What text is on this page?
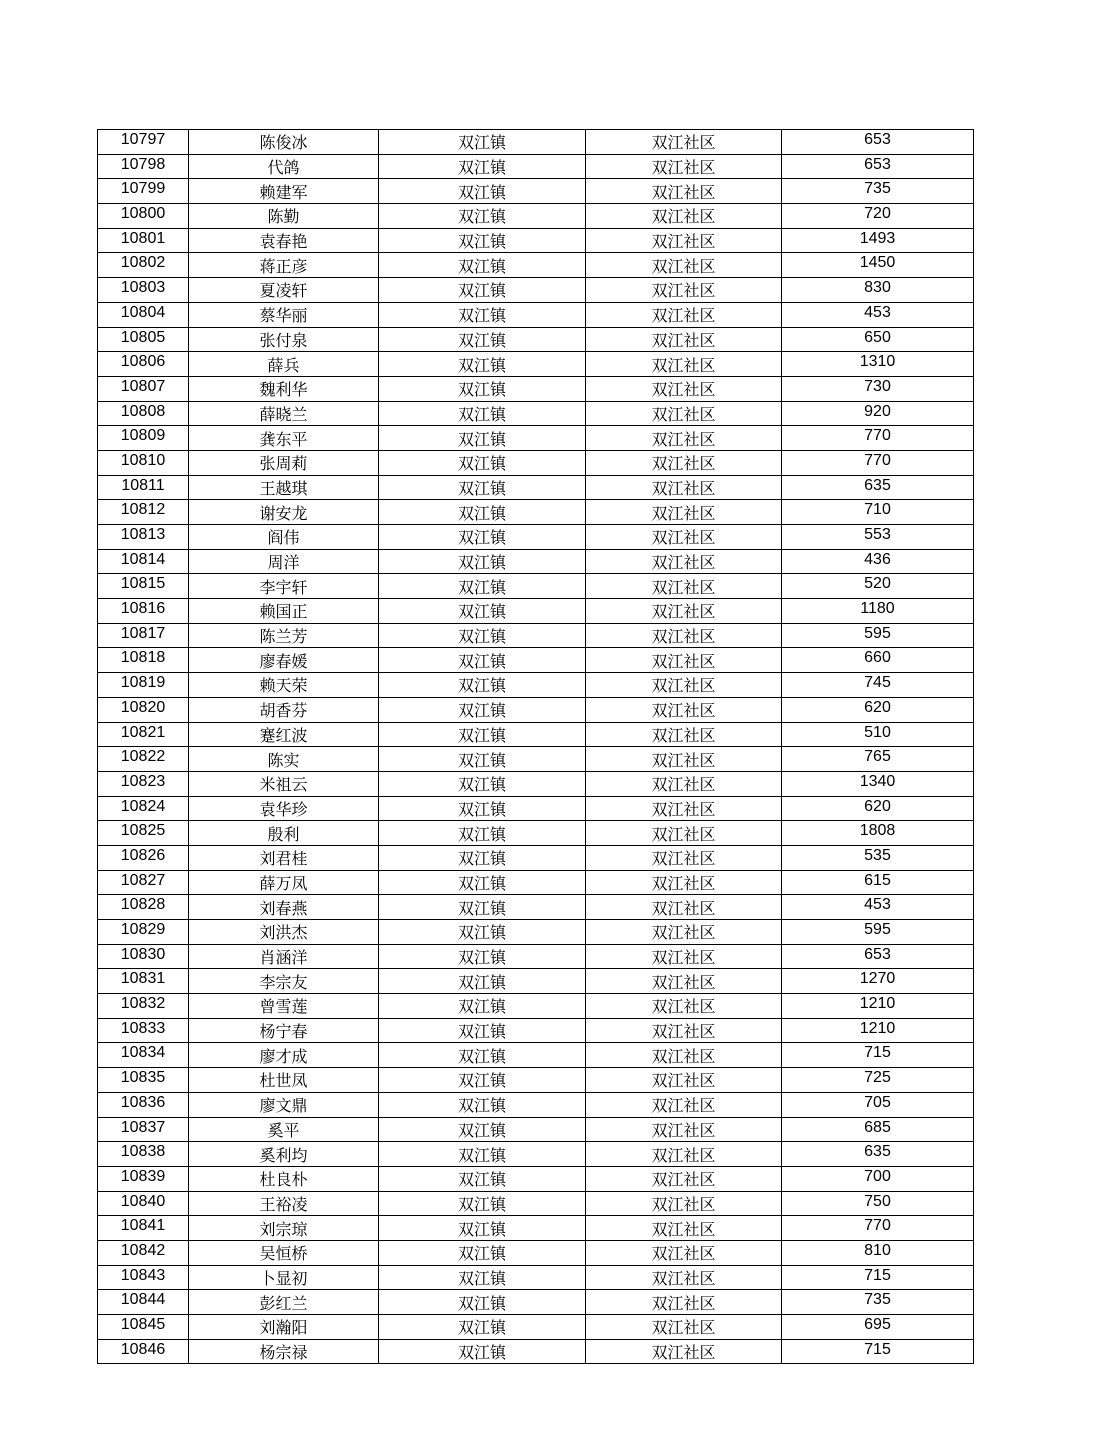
10797	陈俊冰	双江镇	双江社区	653
10798	代鸽	双江镇	双江社区	653
10799	赖建军	双江镇	双江社区	735
10800	陈勤	双江镇	双江社区	720
10801	袁春艳	双江镇	双江社区	1493
10802	蒋正彦	双江镇	双江社区	1450
10803	夏凌轩	双江镇	双江社区	830
10804	蔡华丽	双江镇	双江社区	453
10805	张付泉	双江镇	双江社区	650
10806	薛兵	双江镇	双江社区	1310
10807	魏利华	双江镇	双江社区	730
10808	薛晓兰	双江镇	双江社区	920
10809	龚东平	双江镇	双江社区	770
10810	张周莉	双江镇	双江社区	770
10811	王越琪	双江镇	双江社区	635
10812	谢安龙	双江镇	双江社区	710
10813	阎伟	双江镇	双江社区	553
10814	周洋	双江镇	双江社区	436
10815	李宇轩	双江镇	双江社区	520
10816	赖国正	双江镇	双江社区	1180
10817	陈兰芳	双江镇	双江社区	595
10818	廖春媛	双江镇	双江社区	660
10819	赖天荣	双江镇	双江社区	745
10820	胡香芬	双江镇	双江社区	620
10821	蹇红波	双江镇	双江社区	510
10822	陈实	双江镇	双江社区	765
10823	米祖云	双江镇	双江社区	1340
10824	袁华珍	双江镇	双江社区	620
10825	殷利	双江镇	双江社区	1808
10826	刘君桂	双江镇	双江社区	535
10827	薛万凤	双江镇	双江社区	615
10828	刘春燕	双江镇	双江社区	453
10829	刘洪杰	双江镇	双江社区	595
10830	肖涵洋	双江镇	双江社区	653
10831	李宗友	双江镇	双江社区	1270
10832	曾雪莲	双江镇	双江社区	1210
10833	杨宁春	双江镇	双江社区	1210
10834	廖才成	双江镇	双江社区	715
10835	杜世凤	双江镇	双江社区	725
10836	廖文鼎	双江镇	双江社区	705
10837	奚平	双江镇	双江社区	685
10838	奚利均	双江镇	双江社区	635
10839	杜良朴	双江镇	双江社区	700
10840	王裕凌	双江镇	双江社区	750
10841	刘宗琼	双江镇	双江社区	770
10842	吴恒桥	双江镇	双江社区	810
10843	卜显初	双江镇	双江社区	715
10844	彭红兰	双江镇	双江社区	735
10845	刘瀚阳	双江镇	双江社区	695
10846	杨宗禄	双江镇	双江社区	715
